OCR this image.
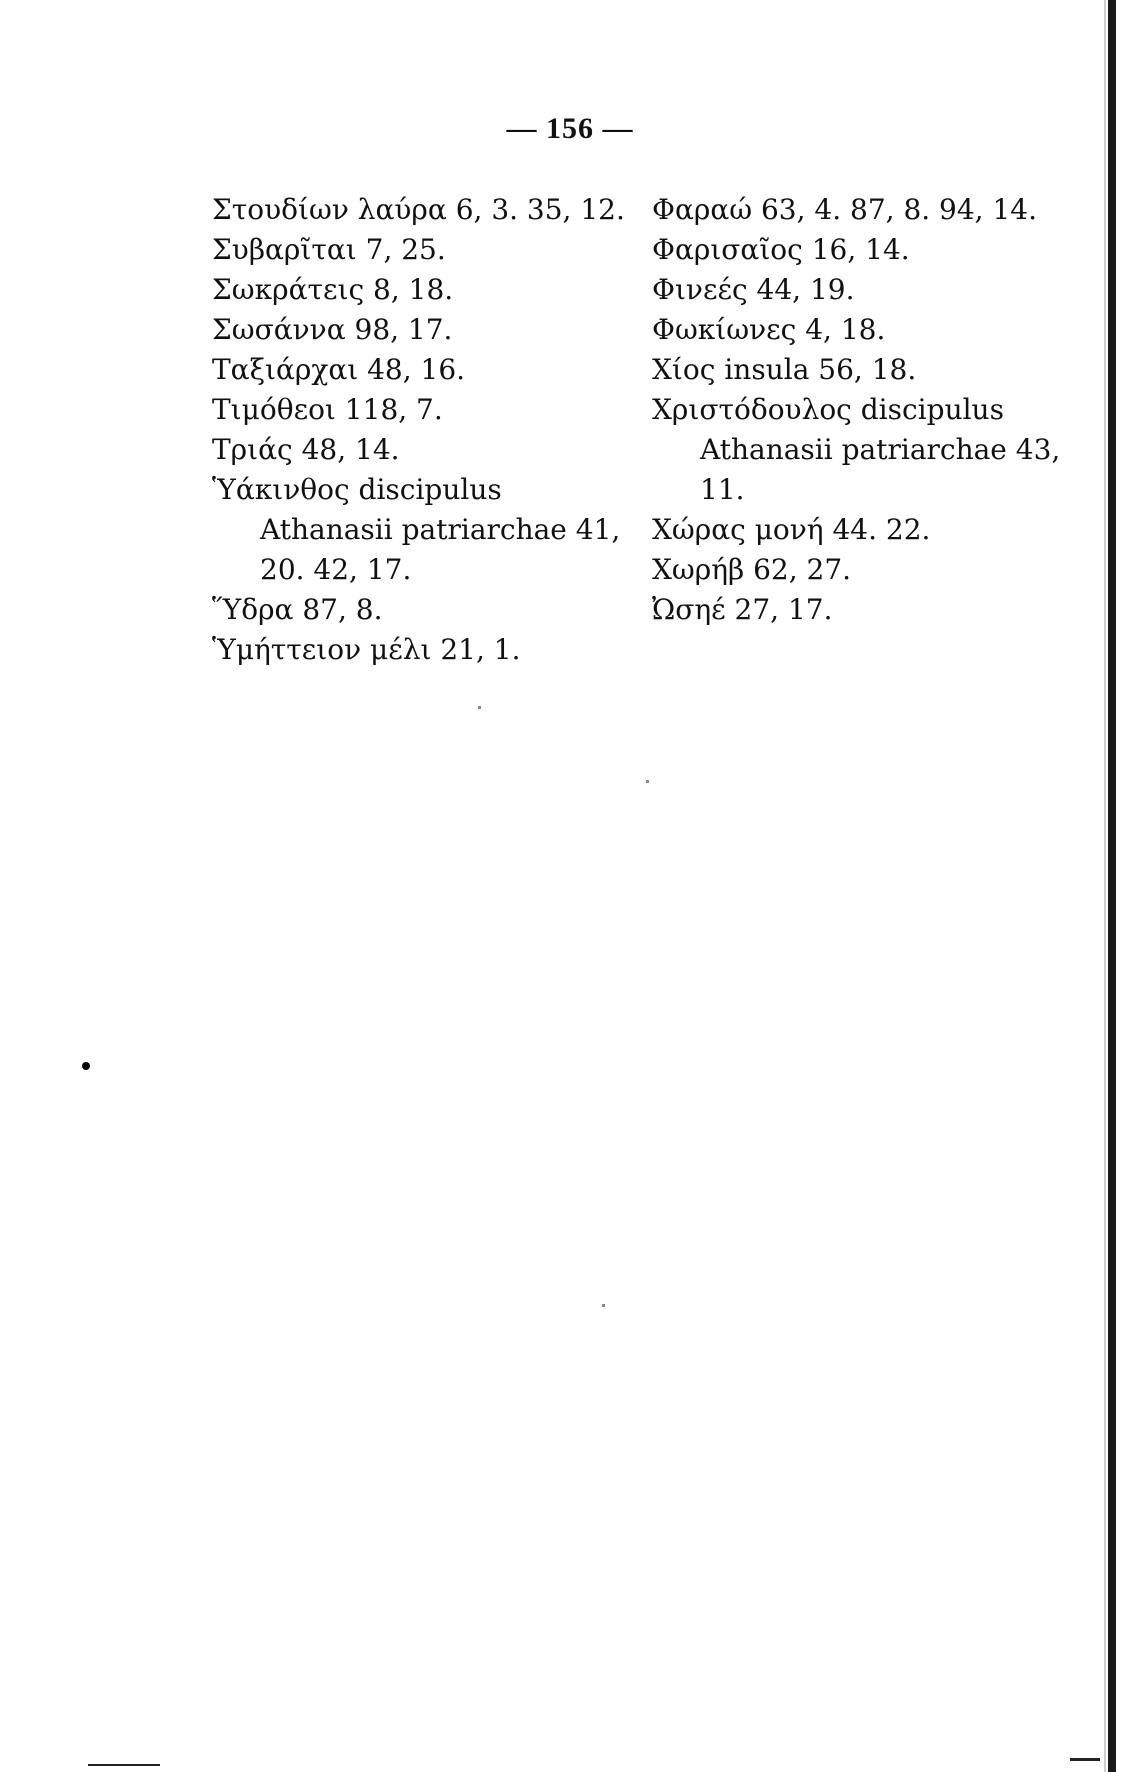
— 156 —
Στουδίων λαύρα 6, 3. 35, 12.
Συβαρῖται 7, 25.
Σωκράτεις 8, 18.
Σωσάννα 98, 17.
Ταξιάρχαι 48, 16.
Τιμόθεοι 118, 7.
Τριάς 48, 14.
Ὑάκινθος discipulus Athanasii patriarchae 41, 20. 42, 17.
Ὕδρα 87, 8.
Ὑμήττειον μέλι 21, 1.
Φαραώ 63, 4. 87, 8. 94, 14.
Φαρισαῖος 16, 14.
Φινεές 44, 19.
Φωκίωνες 4, 18.
Χίος insula 56, 18.
Χριστόδουλος discipulus Athanasii patriarchae 43, 11.
Χώρας μονή 44. 22.
Χωρήβ 62, 27.
Ὠσηέ 27, 17.
